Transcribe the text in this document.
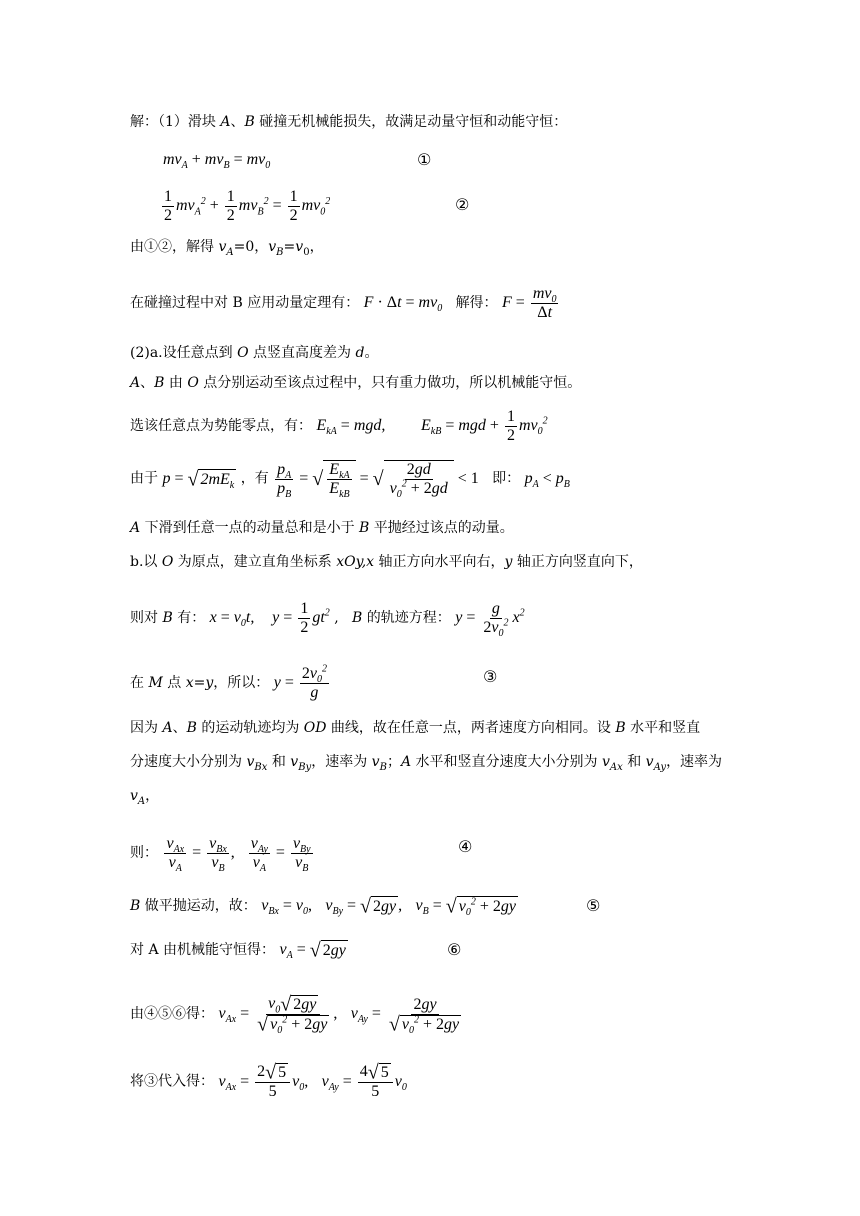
解：（1）滑块 A、B 碰撞无机械能损失，故满足动量守恒和动能守恒：
$mv_A + mv_B = mv_0$	①
$\frac{1}{2} mv_A^2 + \frac{1}{2} mv_B^2 = \frac{1}{2} mv_0^2$	②
由①②，解得 $v_A=0$，$v_B=v_0$，
在碰撞过程中对 B 应用动量定理有： $F \cdot \Delta t = mv_0$ 解得： $F = \frac{mv_0}{\Delta t}$
(2)a.设任意点到 O 点竖直高度差为 d。
A、B 由 O 点分别运动至该点过程中，只有重力做功，所以机械能守恒。
选该任意点为势能零点，有： $E_{kA}$ = mgd, $E_{kB}$ = mgd + $\frac{1}{2} mv_0^2$
由于 p = √ $2mE_k$ ，有 $\frac{p_A}{p_B}$ = √ $\frac{E_{kA}}{E_{kB}}$ = √ $\frac{2gd}{v_0^2 + 2gd} < 1$ 即： $p_A < p_B$
A 下滑到任意一点的动量总和是小于 B 平抛经过该点的动量。
b.以 O 为原点，建立直角坐标系 xOy,x 轴正方向水平向右，y 轴正方向竖直向下，
则对 B 有： $x = v_0t$, $y = \frac{1}{2} gt^2$ , B 的轨迹方程： $y = \frac{g}{2v_0^2} x^2$
在 M 点 x=y，所以： $y = \frac{2v_0^2}{g}$	③
因为 A、B 的运动轨迹均为 OD 曲线，故在任意一点，两者速度方向相同。设 B 水平和竖直
分速度大小分别为 $v_{Bx}$ 和 $v_{By}$，速率为 $v_B$；A 水平和竖直分速度大小分别为 $v_{Ax}$ 和 $v_{Ay}$，速率为
$v_A$，
则： $\frac{v_{Ax}}{v_A} = \frac{v_{Bx}}{v_B}$ , $\frac{v_{Ay}}{v_A} = \frac{v_{By}}{v_B}$	④
B 做平抛运动，故： $v_{Bx} = v_0$, $v_{By}$ = √ 2gy , $v_B$ = √ $v_0^2 + 2gy$	⑤
对 A 由机械能守恒得： $v_A$ = √ 2gy	⑥
由④⑤⑥得： $v_{Ax} = \frac{v_0√ 2gy}{√ v_0^2 + 2gy}$ , $v_{Ay} = \frac{2gy}{√ v_0^2 + 2gy}$
将③代入得： $v_{Ax} = \frac{2√ 5}{5} v_0$, $v_{Ay} = \frac{4√ 5}{5} v_0$
